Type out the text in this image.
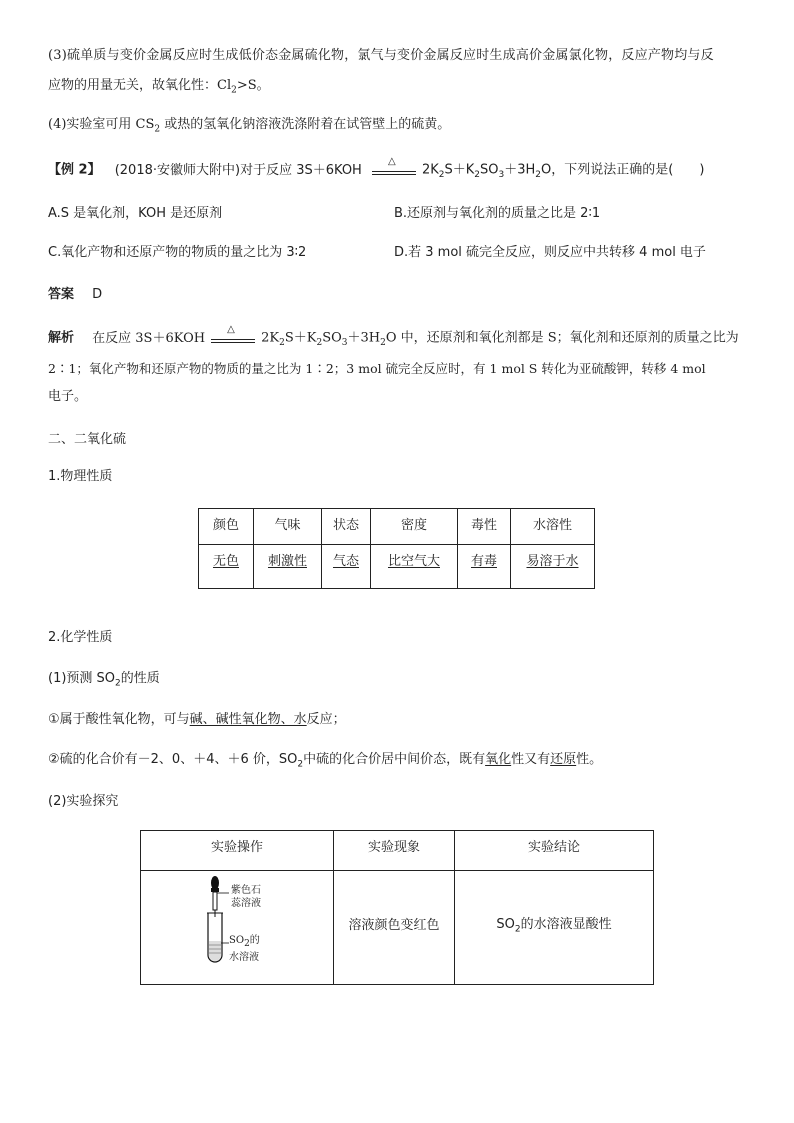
(3)硫单质与变价金属反应时生成低价态金属硫化物，氯气与变价金属反应时生成高价金属氯化物，反应产物均与反
应物的用量无关，故氧化性：$Cl_2>S$。
(4)实验室可用 $CS_2$ 或热的氢氧化钠溶液洗涤附着在试管壁上的硫黄。
【例 2】 (2018·安徽师大附中)对于反应 3S＋6KOH
△
$2K_2S+K_2SO_3+3H_2O$，下列说法正确的是(　　)
A.S 是氧化剂，KOH 是还原剂	B.还原剂与氧化剂的质量之比是 2∶1
C.氧化产物和还原产物的物质的量之比为 3∶2	D.若 3 mol 硫完全反应，则反应中共转移 4 mol 电子
答案 D
解析 在反应 3S＋6KOH
△
$2K_2S+K_2SO_3+3H_2O$ 中，还原剂和氧化剂都是 S；氧化剂和还原剂的质量之比为
2∶1；氧化产物和还原产物的物质的量之比为 1∶2；3 mol 硫完全反应时，有 1 mol S 转化为亚硫酸钾，转移 4 mol
电子。
二、二氧化硫
1.物理性质
颜色	气味	状态	密度	毒性	水溶性
无色	刺激性	气态	比空气大	有毒	易溶于水
2.化学性质
(1)预测 $SO_2$的性质
①属于酸性氧化物，可与碱、碱性氧化物、水反应；
②硫的化合价有－2、0、＋4、＋6 价，$SO_2$中硫的化合价居中间价态，既有氧化性又有还原性。
(2)实验探究
实验操作	实验现象	实验结论

紫色石
蕊溶液
$SO_2$的
水溶液	溶液颜色变红色	$SO_2$的水溶液显酸性
